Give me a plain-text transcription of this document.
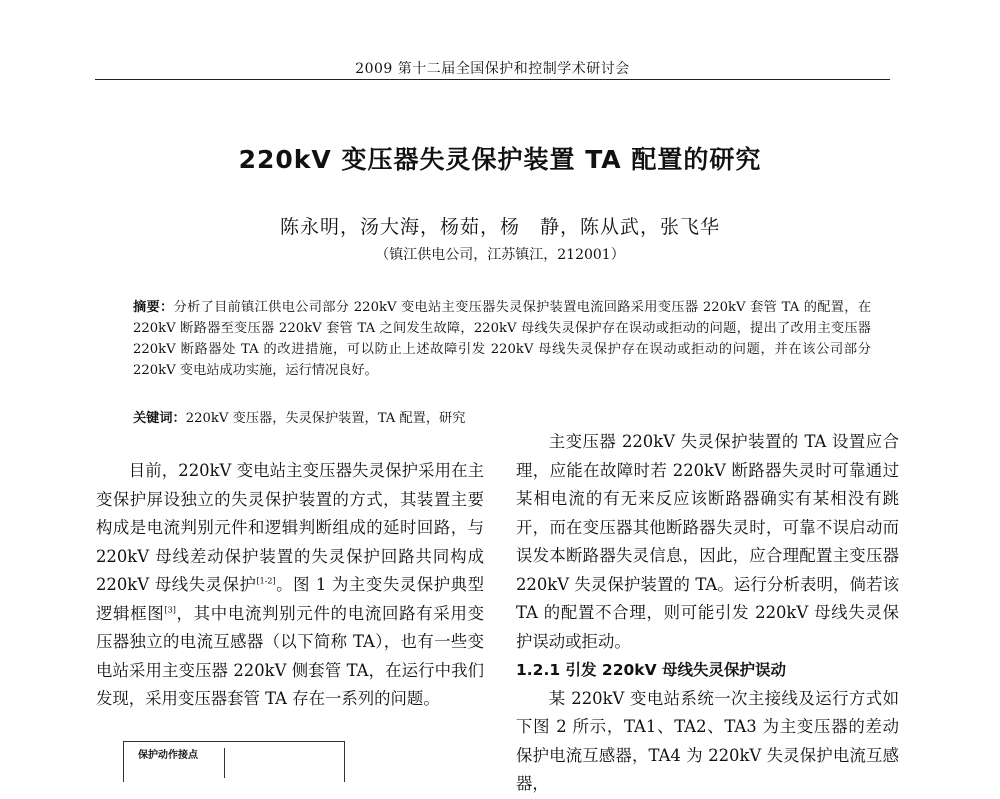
2009 第十二届全国保护和控制学术研讨会
220kV 变压器失灵保护装置 TA 配置的研究
陈永明，汤大海，杨茹，杨　静，陈从武，张飞华
（镇江供电公司，江苏镇江，212001）
摘要：分析了目前镇江供电公司部分 220kV 变电站主变压器失灵保护装置电流回路采用变压器 220kV 套管 TA 的配置，在 220kV 断路器至变压器 220kV 套管 TA 之间发生故障，220kV 母线失灵保护存在误动或拒动的问题，提出了改用主变压器 220kV 断路器处 TA 的改进措施，可以防止上述故障引发 220kV 母线失灵保护存在误动或拒动的问题，并在该公司部分 220kV 变电站成功实施，运行情况良好。
关键词：220kV 变压器，失灵保护装置，TA 配置，研究

目前，220kV 变电站主变压器失灵保护采用在主变保护屏设独立的失灵保护装置的方式，其装置主要构成是电流判别元件和逻辑判断组成的延时回路，与 220kV 母线差动保护装置的失灵保护回路共同构成 220kV 母线失灵保护[1-2]。图 1 为主变失灵保护典型逻辑框图[3]，其中电流判别元件的电流回路有采用变压器独立的电流互感器（以下简称 TA），也有一些变电站采用主变压器 220kV 侧套管 TA，在运行中我们发现，采用变压器套管 TA 存在一系列的问题。

保护动作接点

主变压器 220kV 失灵保护装置的 TA 设置应合理，应能在故障时若 220kV 断路器失灵时可靠通过某相电流的有无来反应该断路器确实有某相没有跳开，而在变压器其他断路器失灵时，可靠不误启动而误发本断路器失灵信息，因此，应合理配置主变压器 220kV 失灵保护装置的 TA。运行分析表明，倘若该 TA 的配置不合理，则可能引发 220kV 母线失灵保护误动或拒动。

1.2.1 引发 220kV 母线失灵保护误动

某 220kV 变电站系统一次主接线及运行方式如下图 2 所示，TA1、TA2、TA3 为主变压器的差动保护电流互感器，TA4 为 220kV 失灵保护电流互感器，
